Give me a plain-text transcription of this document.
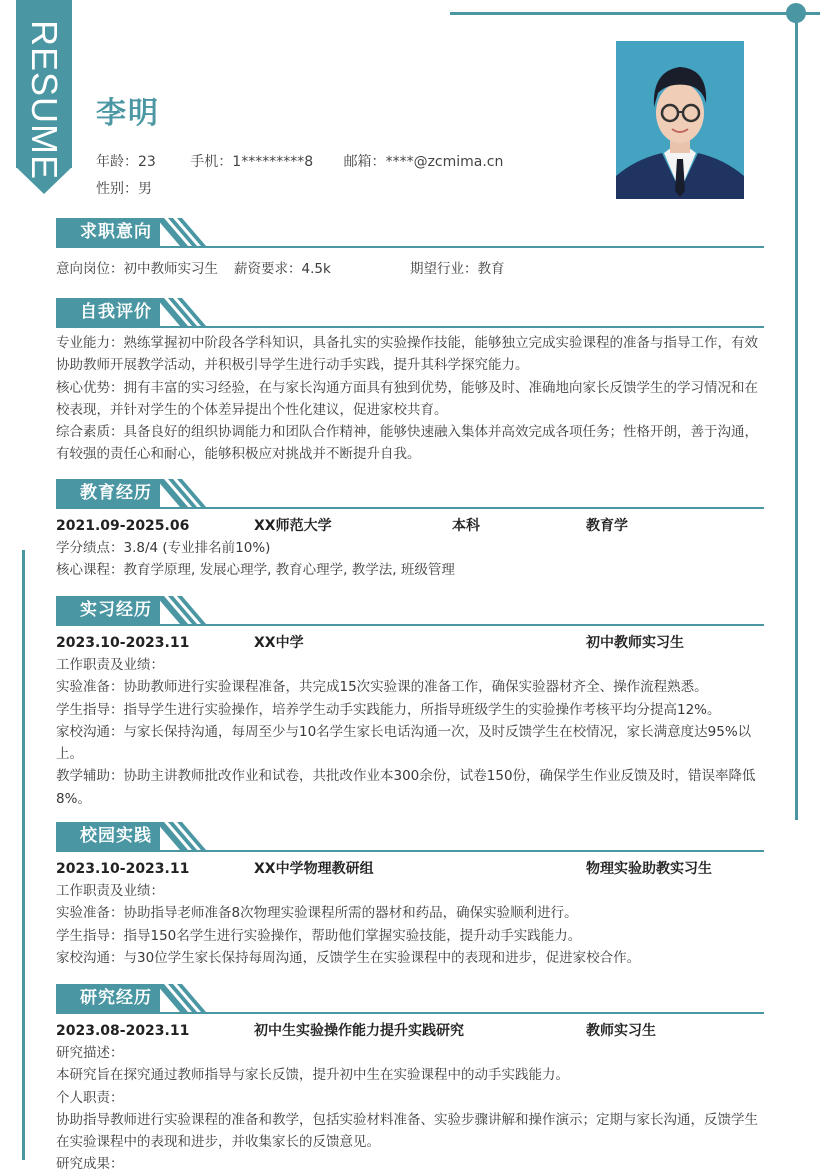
RESUME 李明
年龄：23 手机：1*********8 邮箱：****@zcmima.cn
性别：男
求职意向
意向岗位：初中教师实习生 薪资要求：4.5k	期望行业：教育
自我评价
专业能力：熟练掌握初中阶段各学科知识，具备扎实的实验操作技能，能够独立完成实验课程的准备与指导工作，有效协助教师开展教学活动，并积极引导学生进行动手实践，提升其科学探究能力。
核心优势：拥有丰富的实习经验，在与家长沟通方面具有独到优势，能够及时、准确地向家长反馈学生的学习情况和在校表现，并针对学生的个体差异提出个性化建议，促进家校共育。
综合素质：具备良好的组织协调能力和团队合作精神，能够快速融入集体并高效完成各项任务；性格开朗，善于沟通，有较强的责任心和耐心，能够积极应对挑战并不断提升自我。
教育经历
2021.09-2025.06	XX师范大学	本科	教育学
学分绩点：3.8/4 (专业排名前10%)
核心课程：教育学原理, 发展心理学, 教育心理学, 教学法, 班级管理
实习经历
2023.10-2023.11	XX中学	初中教师实习生
工作职责及业绩：
实验准备：协助教师进行实验课程准备，共完成15次实验课的准备工作，确保实验器材齐全、操作流程熟悉。
学生指导：指导学生进行实验操作，培养学生动手实践能力，所指导班级学生的实验操作考核平均分提高12%。
家校沟通：与家长保持沟通，每周至少与10名学生家长电话沟通一次，及时反馈学生在校情况，家长满意度达95%以上。
教学辅助：协助主讲教师批改作业和试卷，共批改作业本300余份，试卷150份，确保学生作业反馈及时，错误率降低8%。
校园实践
2023.10-2023.11	XX中学物理教研组	物理实验助教实习生
工作职责及业绩：
实验准备：协助指导老师准备8次物理实验课程所需的器材和药品，确保实验顺利进行。
学生指导：指导150名学生进行实验操作，帮助他们掌握实验技能，提升动手实践能力。
家校沟通：与30位学生家长保持每周沟通，反馈学生在实验课程中的表现和进步，促进家校合作。
研究经历
2023.08-2023.11	初中生实验操作能力提升实践研究	教师实习生
研究描述：
本研究旨在探究通过教师指导与家长反馈，提升初中生在实验课程中的动手实践能力。
个人职责：
协助指导教师进行实验课程的准备和教学，包括实验材料准备、实验步骤讲解和操作演示；定期与家长沟通，反馈学生在实验课程中的表现和进步，并收集家长的反馈意见。
研究成果：
